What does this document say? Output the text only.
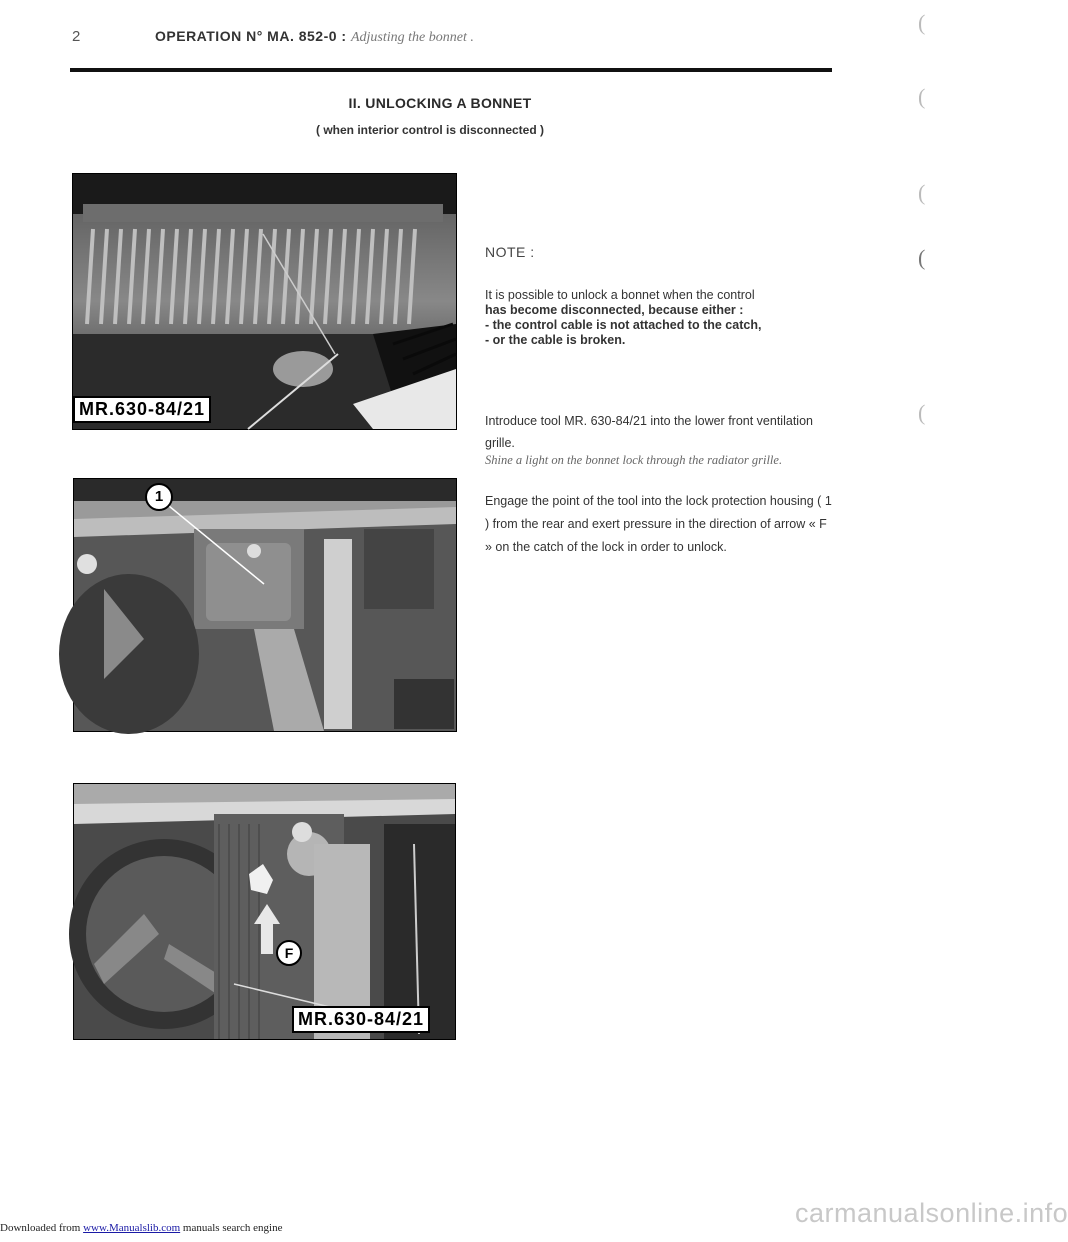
2	OPERATION N° MA. 852-0 : Adjusting the bonnet .
II. UNLOCKING A BONNET
( when interior control is disconnected )
MR.630-84/21
1
F
MR.630-84/21
NOTE :
It is possible to unlock a bonnet when the control
has become disconnected, because either :
- the control cable is not attached to the catch,
- or the cable is broken.
Introduce tool MR. 630-84/21 into the lower front ventilation grille.
Shine a light on the bonnet lock through the radiator grille.
Engage the point of the tool into the lock protection housing ( 1 ) from the rear and exert pressure in the direction of arrow « F » on the catch of the lock in order to unlock.
(
(
(
(
(
carmanualsonline.info
Downloaded from www.Manualslib.com manuals search engine
